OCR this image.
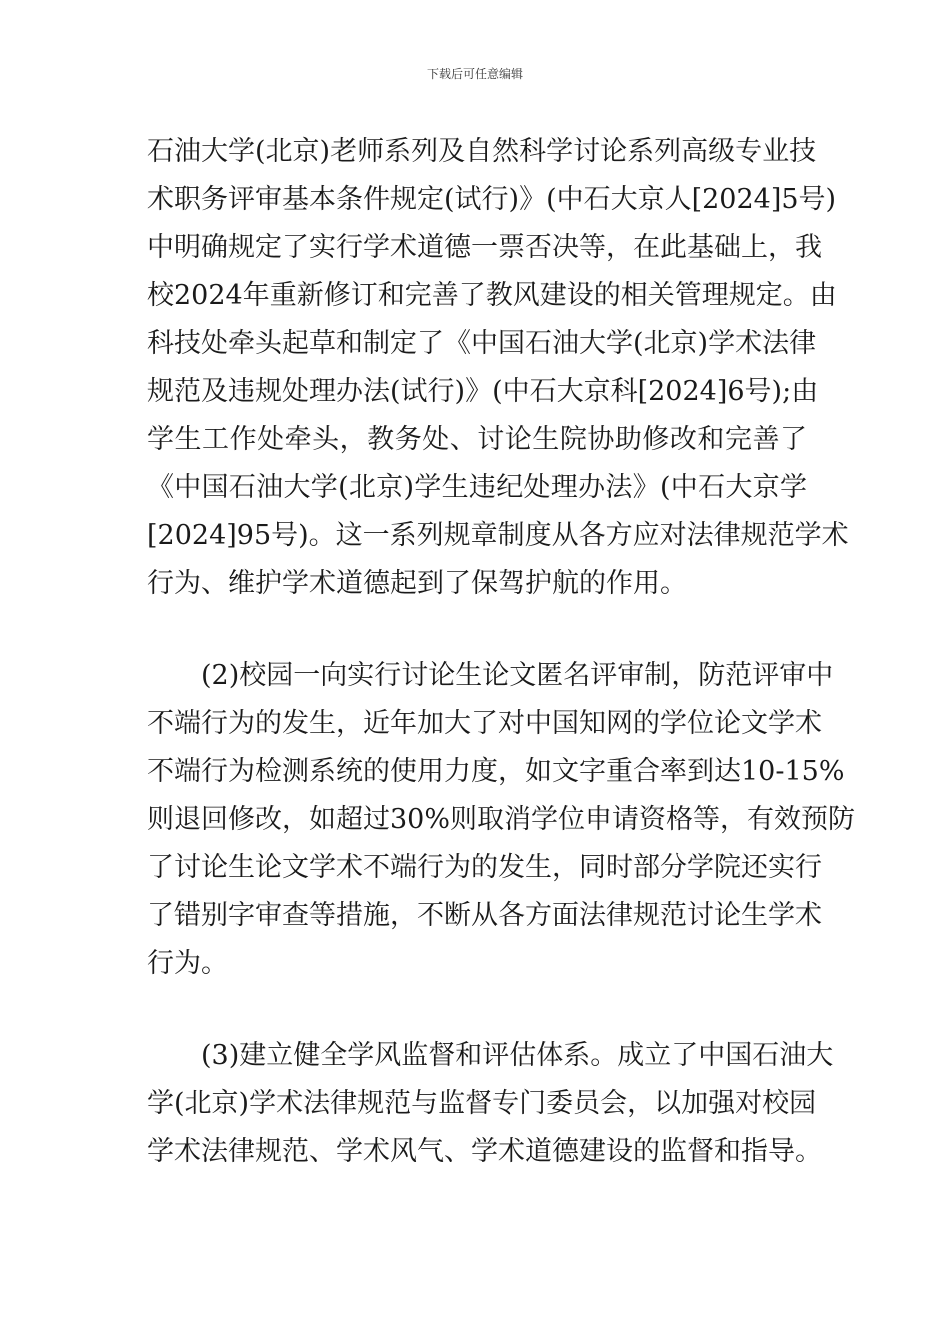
下载后可任意编辑
石油大学(北京)老师系列及自然科学讨论系列高级专业技
术职务评审基本条件规定(试行)》(中石大京人[2024]5号)
中明确规定了实行学术道德一票否决等，在此基础上，我
校2024年重新修订和完善了教风建设的相关管理规定。由
科技处牵头起草和制定了《中国石油大学(北京)学术法律
规范及违规处理办法(试行)》(中石大京科[2024]6号);由
学生工作处牵头，教务处、讨论生院协助修改和完善了
《中国石油大学(北京)学生违纪处理办法》(中石大京学
[2024]95号)。这一系列规章制度从各方应对法律规范学术
行为、维护学术道德起到了保驾护航的作用。
(2)校园一向实行讨论生论文匿名评审制，防范评审中
不端行为的发生，近年加大了对中国知网的学位论文学术
不端行为检测系统的使用力度，如文字重合率到达10-15%
则退回修改，如超过30%则取消学位申请资格等，有效预防
了讨论生论文学术不端行为的发生，同时部分学院还实行
了错别字审查等措施，不断从各方面法律规范讨论生学术
行为。
(3)建立健全学风监督和评估体系。成立了中国石油大
学(北京)学术法律规范与监督专门委员会，以加强对校园
学术法律规范、学术风气、学术道德建设的监督和指导。
